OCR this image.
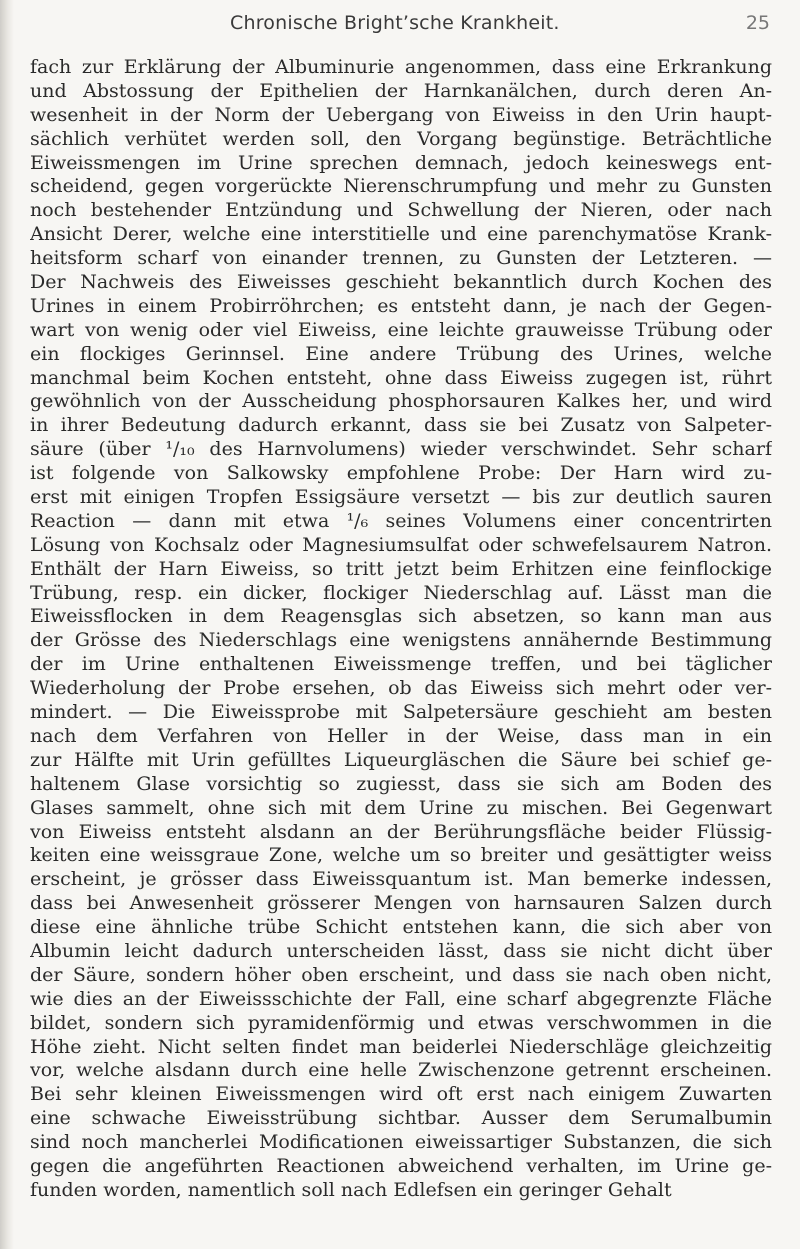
Chronische Bright’sche Krankheit.	25
fach zur Erklärung der Albuminurie angenommen, dass eine Erkrankung
und Abstossung der Epithelien der Harnkanälchen, durch deren An-
wesenheit in der Norm der Uebergang von Eiweiss in den Urin haupt-
sächlich verhütet werden soll, den Vorgang begünstige. Beträchtliche
Eiweissmengen im Urine sprechen demnach, jedoch keineswegs ent-
scheidend, gegen vorgerückte Nierenschrumpfung und mehr zu Gunsten
noch bestehender Entzündung und Schwellung der Nieren, oder nach
Ansicht Derer, welche eine interstitielle und eine parenchymatöse Krank-
heitsform scharf von einander trennen, zu Gunsten der Letzteren. —
Der Nachweis des Eiweisses geschieht bekanntlich durch Kochen des
Urines in einem Probirröhrchen; es entsteht dann, je nach der Gegen-
wart von wenig oder viel Eiweiss, eine leichte grauweisse Trübung oder
ein flockiges Gerinnsel. Eine andere Trübung des Urines, welche
manchmal beim Kochen entsteht, ohne dass Eiweiss zugegen ist, rührt
gewöhnlich von der Ausscheidung phosphorsauren Kalkes her, und wird
in ihrer Bedeutung dadurch erkannt, dass sie bei Zusatz von Salpeter-
säure (über ¹/₁₀ des Harnvolumens) wieder verschwindet. Sehr scharf
ist folgende von Salkowsky empfohlene Probe: Der Harn wird zu-
erst mit einigen Tropfen Essigsäure versetzt — bis zur deutlich sauren
Reaction — dann mit etwa ¹/₆ seines Volumens einer concentrirten
Lösung von Kochsalz oder Magnesiumsulfat oder schwefelsaurem Natron.
Enthält der Harn Eiweiss, so tritt jetzt beim Erhitzen eine feinflockige
Trübung, resp. ein dicker, flockiger Niederschlag auf. Lässt man die
Eiweissflocken in dem Reagensglas sich absetzen, so kann man aus
der Grösse des Niederschlags eine wenigstens annähernde Bestimmung
der im Urine enthaltenen Eiweissmenge treffen, und bei täglicher
Wiederholung der Probe ersehen, ob das Eiweiss sich mehrt oder ver-
mindert. — Die Eiweissprobe mit Salpetersäure geschieht am besten
nach dem Verfahren von Heller in der Weise, dass man in ein
zur Hälfte mit Urin gefülltes Liqueurgläschen die Säure bei schief ge-
haltenem Glase vorsichtig so zugiesst, dass sie sich am Boden des
Glases sammelt, ohne sich mit dem Urine zu mischen. Bei Gegenwart
von Eiweiss entsteht alsdann an der Berührungsfläche beider Flüssig-
keiten eine weissgraue Zone, welche um so breiter und gesättigter weiss
erscheint, je grösser dass Eiweissquantum ist. Man bemerke indessen,
dass bei Anwesenheit grösserer Mengen von harnsauren Salzen durch
diese eine ähnliche trübe Schicht entstehen kann, die sich aber von
Albumin leicht dadurch unterscheiden lässt, dass sie nicht dicht über
der Säure, sondern höher oben erscheint, und dass sie nach oben nicht,
wie dies an der Eiweissschichte der Fall, eine scharf abgegrenzte Fläche
bildet, sondern sich pyramidenförmig und etwas verschwommen in die
Höhe zieht. Nicht selten findet man beiderlei Niederschläge gleichzeitig
vor, welche alsdann durch eine helle Zwischenzone getrennt erscheinen.
Bei sehr kleinen Eiweissmengen wird oft erst nach einigem Zuwarten
eine schwache Eiweisstrübung sichtbar. Ausser dem Serumalbumin
sind noch mancherlei Modificationen eiweissartiger Substanzen, die sich
gegen die angeführten Reactionen abweichend verhalten, im Urine ge-
funden worden, namentlich soll nach Edlefsen ein geringer Gehalt
